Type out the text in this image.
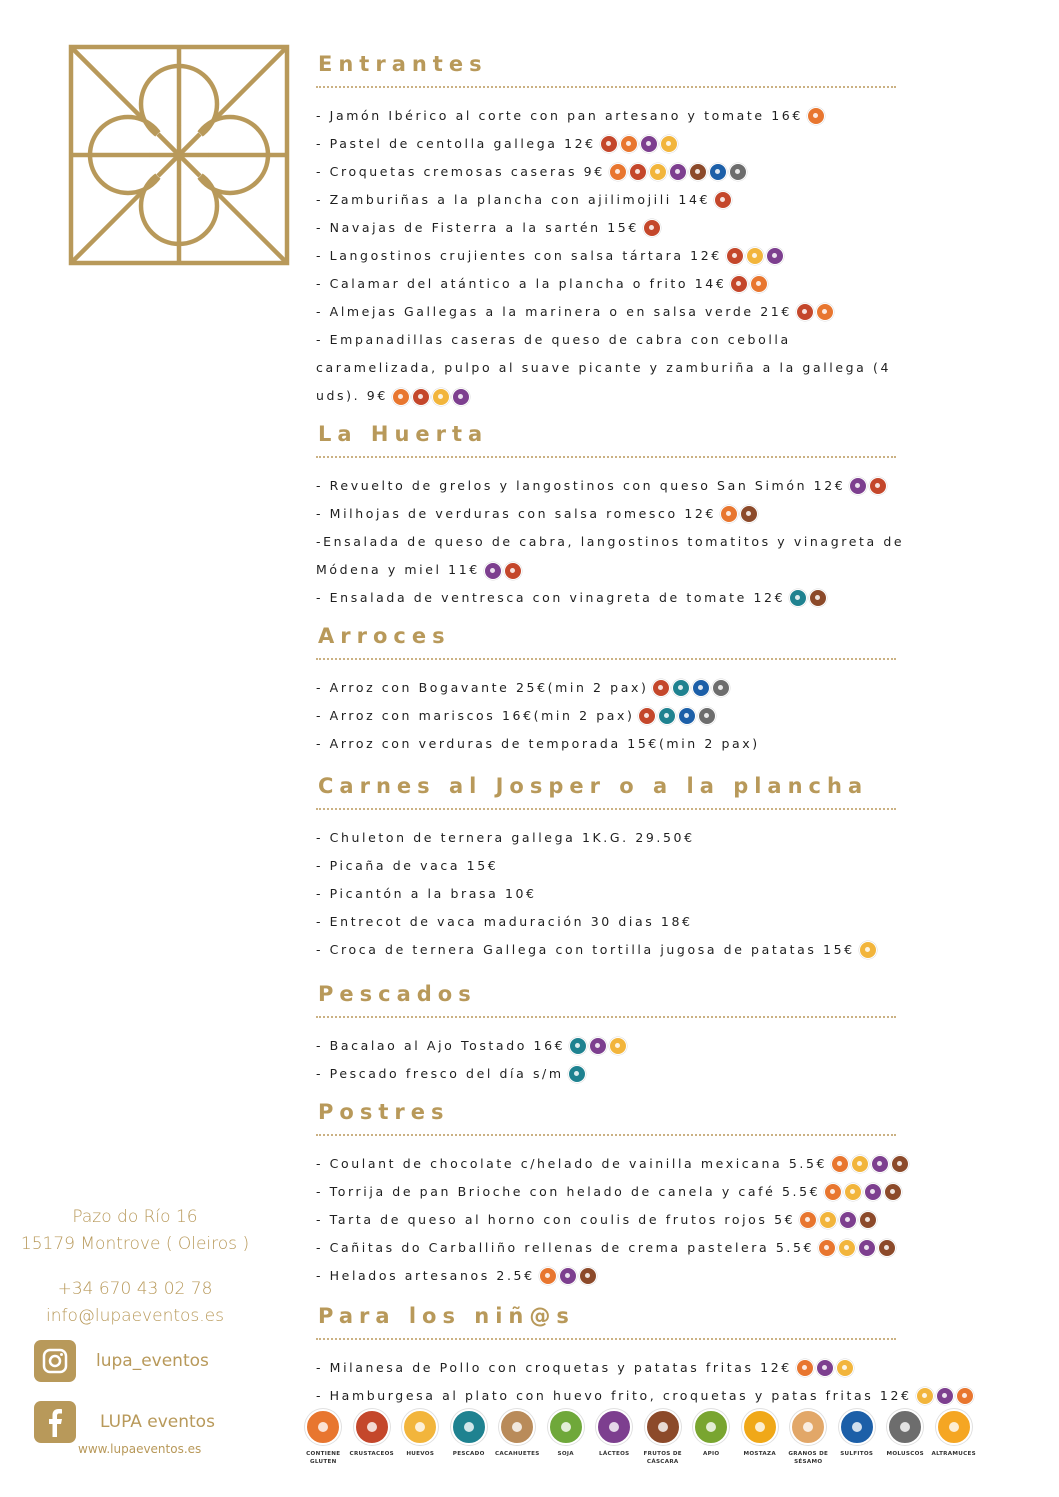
Entrantes
- Jamón Ibérico al corte con pan artesano y tomate 16€
- Pastel de centolla gallega 12€
- Croquetas cremosas caseras 9€
- Zamburiñas a la plancha con ajilimojili 14€
- Navajas de Fisterra a la sartén 15€
- Langostinos crujientes con salsa tártara 12€
- Calamar del atántico a la plancha o frito 14€
- Almejas Gallegas a la marinera o en salsa verde 21€
- Empanadillas caseras de queso de cabra con cebolla caramelizada, pulpo al suave picante y zamburiña a la gallega (4 uds). 9€
La Huerta
- Revuelto de grelos y langostinos con queso San Simón 12€
- Milhojas de verduras con salsa romesco 12€
-Ensalada de queso de cabra, langostinos tomatitos y vinagreta de Módena y miel 11€
- Ensalada de ventresca con vinagreta de tomate 12€
Arroces
- Arroz con Bogavante 25€(min 2 pax)
- Arroz con mariscos 16€(min 2 pax)
- Arroz con verduras de temporada 15€(min 2 pax)
Carnes al Josper o a la plancha
- Chuleton de ternera gallega 1K.G. 29.50€
- Picaña de vaca 15€
- Picantón a la brasa 10€
- Entrecot de vaca maduración 30 dias 18€
- Croca de ternera Gallega con tortilla jugosa de patatas 15€
Pescados
- Bacalao al Ajo Tostado 16€
- Pescado fresco del día s/m
Postres
- Coulant de chocolate c/helado de vainilla mexicana 5.5€
- Torrija de pan Brioche con helado de canela y café 5.5€
- Tarta de queso al horno con coulis de frutos rojos 5€
- Cañitas do Carballiño rellenas de crema pastelera 5.5€
- Helados artesanos 2.5€
Para los niñ@s
- Milanesa de Pollo con croquetas y patatas fritas 12€
- Hamburgesa al plato con huevo frito, croquetas y patas fritas 12€

Pazo do Río 16

15179 Montrove ( Oleiros )

+34 670 43 02 78

info@lupaeventos.es

lupa_eventos
LUPA eventos
www.lupaeventos.es	CONTIENE GLUTEN
CRUSTACEOS HUEVOS	PESCADO CACAHUETES	SOJA	LÁCTEOS	FRUTOS DE CÁSCARA
APIO	MOSTAZA	GRANOS DE SÉSAMO
SULFITOS MOLUSCOS ALTRAMUCES
